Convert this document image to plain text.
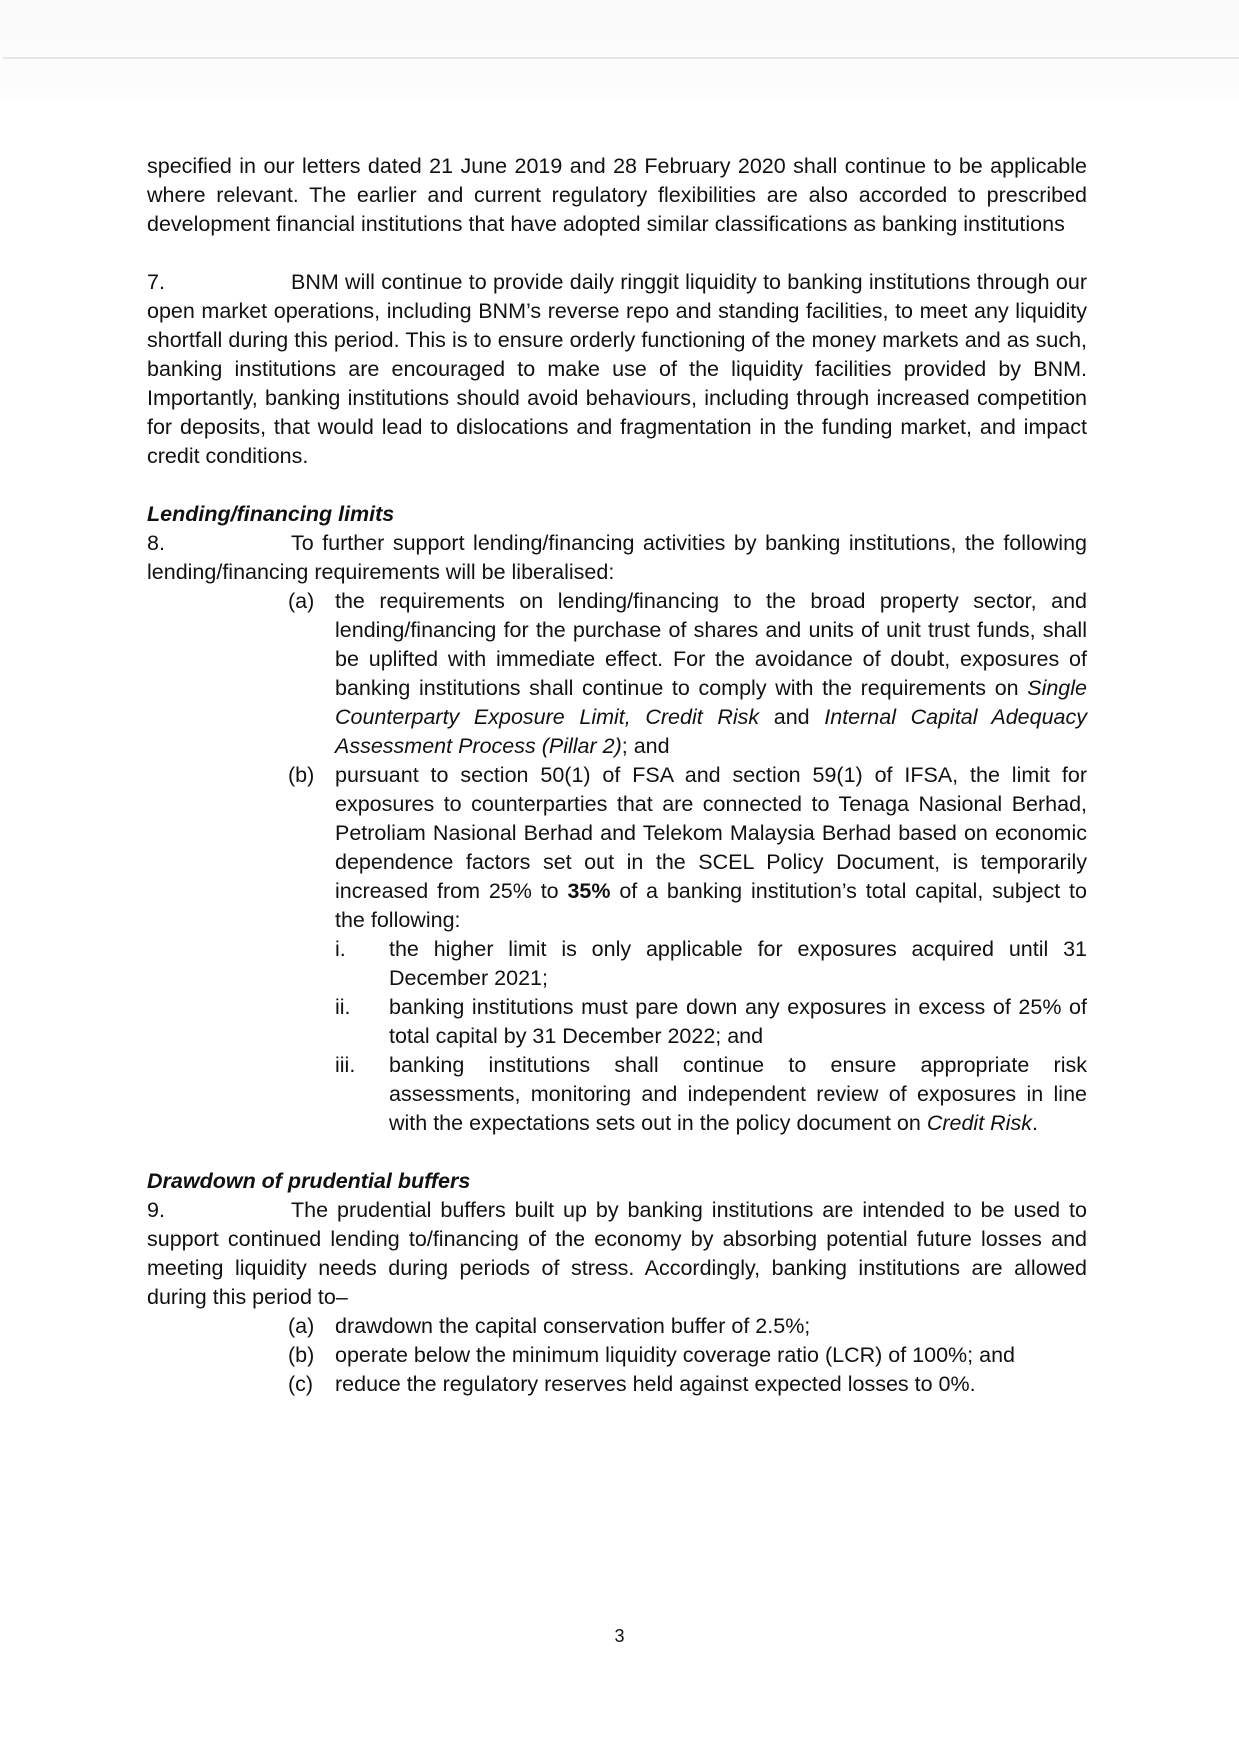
specified in our letters dated 21 June 2019 and 28 February 2020 shall continue to be applicable where relevant. The earlier and current regulatory flexibilities are also accorded to prescribed development financial institutions that have adopted similar classifications as banking institutions

7.	BNM will continue to provide daily ringgit liquidity to banking institutions through our open market operations, including BNM’s reverse repo and standing facilities, to meet any liquidity shortfall during this period. This is to ensure orderly functioning of the money markets and as such, banking institutions are encouraged to make use of the liquidity facilities provided by BNM. Importantly, banking institutions should avoid behaviours, including through increased competition for deposits, that would lead to dislocations and fragmentation in the funding market, and impact credit conditions.

Lending/financing limits

8.	To further support lending/financing activities by banking institutions, the following lending/financing requirements will be liberalised:

(a) the requirements on lending/financing to the broad property sector, and lending/financing for the purchase of shares and units of unit trust funds, shall be uplifted with immediate effect. For the avoidance of doubt, exposures of banking institutions shall continue to comply with the requirements on Single Counterparty Exposure Limit, Credit Risk and Internal Capital Adequacy Assessment Process (Pillar 2); and

(b) pursuant to section 50(1) of FSA and section 59(1) of IFSA, the limit for exposures to counterparties that are connected to Tenaga Nasional Berhad, Petroliam Nasional Berhad and Telekom Malaysia Berhad based on economic dependence factors set out in the SCEL Policy Document, is temporarily increased from 25% to 35% of a banking institution’s total capital, subject to the following:

i.	the higher limit is only applicable for exposures acquired until 31 December 2021;

ii.	banking institutions must pare down any exposures in excess of 25% of total capital by 31 December 2022; and

iii.	banking institutions shall continue to ensure appropriate risk assessments, monitoring and independent review of exposures in line with the expectations sets out in the policy document on Credit Risk.

Drawdown of prudential buffers

9.	The prudential buffers built up by banking institutions are intended to be used to support continued lending to/financing of the economy by absorbing potential future losses and meeting liquidity needs during periods of stress. Accordingly, banking institutions are allowed during this period to‒

(a) drawdown the capital conservation buffer of 2.5%;

(b) operate below the minimum liquidity coverage ratio (LCR) of 100%; and

(c)	reduce the regulatory reserves held against expected losses to 0%.

3
